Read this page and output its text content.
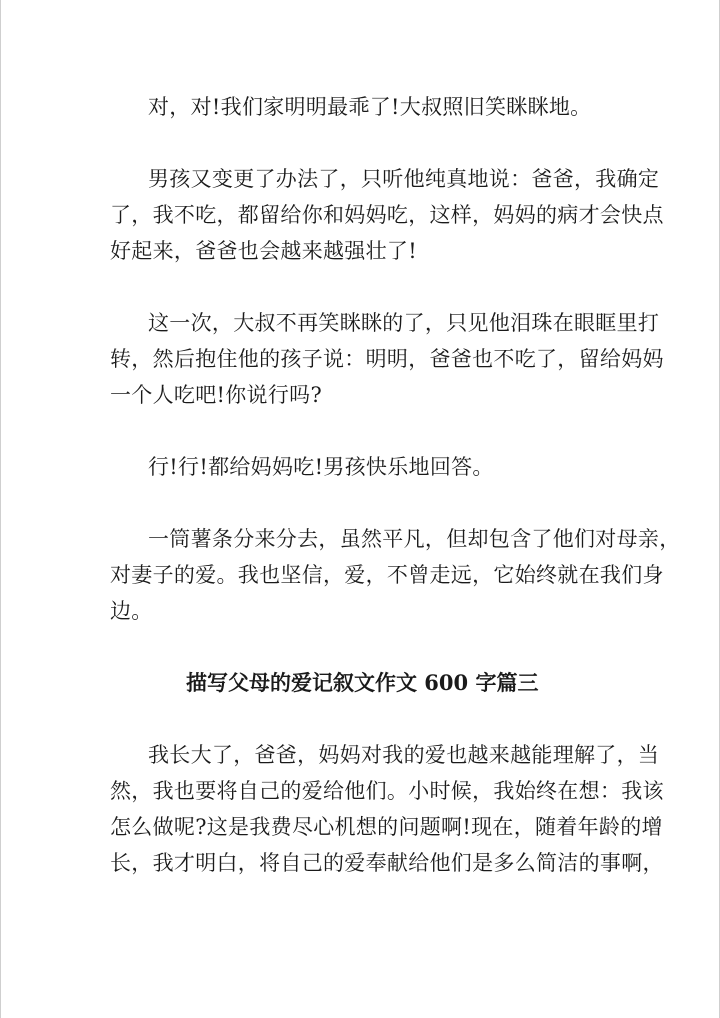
对，对!我们家明明最乖了!大叔照旧笑眯眯地。

男孩又变更了办法了，只听他纯真地说：爸爸，我确定
了，我不吃，都留给你和妈妈吃，这样，妈妈的病才会快点
好起来，爸爸也会越来越强壮了!

这一次，大叔不再笑眯眯的了，只见他泪珠在眼眶里打
转，然后抱住他的孩子说：明明，爸爸也不吃了，留给妈妈
一个人吃吧!你说行吗?

行!行!都给妈妈吃!男孩快乐地回答。

一筒薯条分来分去，虽然平凡，但却包含了他们对母亲，
对妻子的爱。我也坚信，爱，不曾走远，它始终就在我们身
边。

描写父母的爱记叙文作文 600 字篇三

我长大了，爸爸，妈妈对我的爱也越来越能理解了，当
然，我也要将自己的爱给他们。小时候，我始终在想：我该
怎么做呢?这是我费尽心机想的问题啊!现在，随着年龄的增
长，我才明白，将自己的爱奉献给他们是多么简洁的事啊，
